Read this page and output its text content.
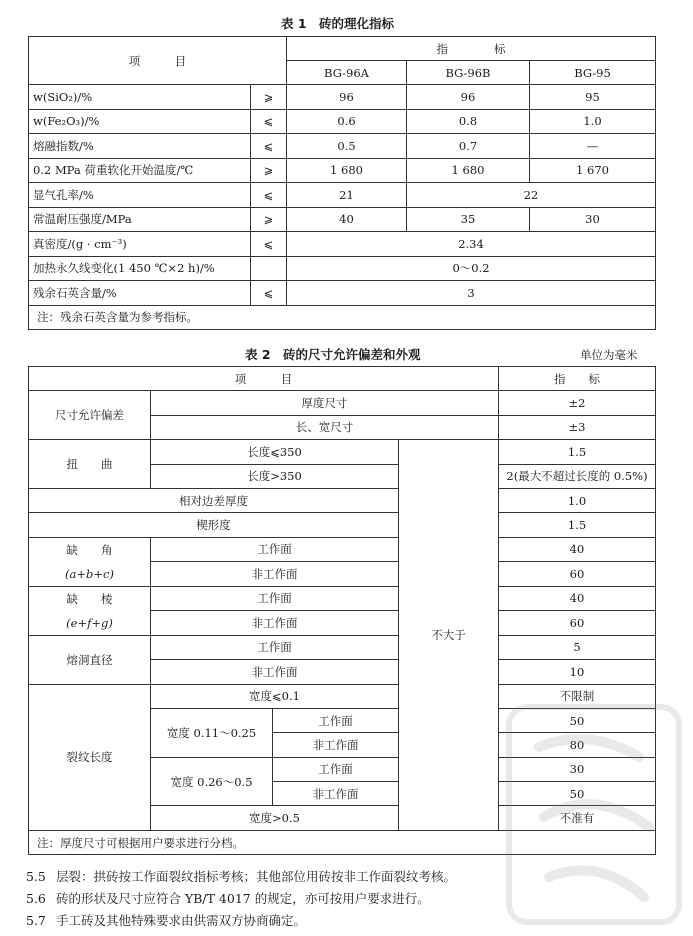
表 1　砖的理化指标
项　　　目		指　　　　标		
		BG-96A	BG-96B	BG-95
w(SiO₂)/%	⩾	96	96	95
w(Fe₂O₃)/%	⩽	0.6	0.8	1.0
熔融指数/%	⩽	0.5	0.7	—
0.2 MPa 荷重软化开始温度/℃	⩾	1 680	1 680	1 670
显气孔率/%	⩽	21	22	
常温耐压强度/MPa	⩾	40	35	30
真密度/(g · cm⁻³)	⩽	2.34		
加热永久线变化(1 450 ℃×2 h)/%		0～0.2		
残余石英含量/%	⩽	3		
注：残余石英含量为参考指标。				
表 2　砖的尺寸允许偏差和外观	单位为毫米
项　　　目				指　　标
尺寸允许偏差	厚度尺寸			±2
	长、宽尺寸			±3
扭　　曲	长度⩽350		不大于	1.5
	长度>350			2(最大不超过长度的 0.5%)
相对边差厚度				1.0
楔形度				1.5

缺　　角
(a+b+c)	工作面			40
	非工作面			60

缺　　棱
(e+f+g)	工作面			40
	非工作面			60
熔洞直径	工作面			5
	非工作面			10
裂纹长度	宽度⩽0.1			不限制
	宽度 0.11～0.25	工作面		50
		非工作面		80
	宽度 0.26～0.5	工作面		30
		非工作面		50
	宽度>0.5			不准有
注：厚度尺寸可根据用户要求进行分档。				
5.5 层裂：拱砖按工作面裂纹指标考核；其他部位用砖按非工作面裂纹考核。
5.6 砖的形状及尺寸应符合 YB/T 4017 的规定，亦可按用户要求进行。
5.7 手工砖及其他特殊要求由供需双方协商确定。
